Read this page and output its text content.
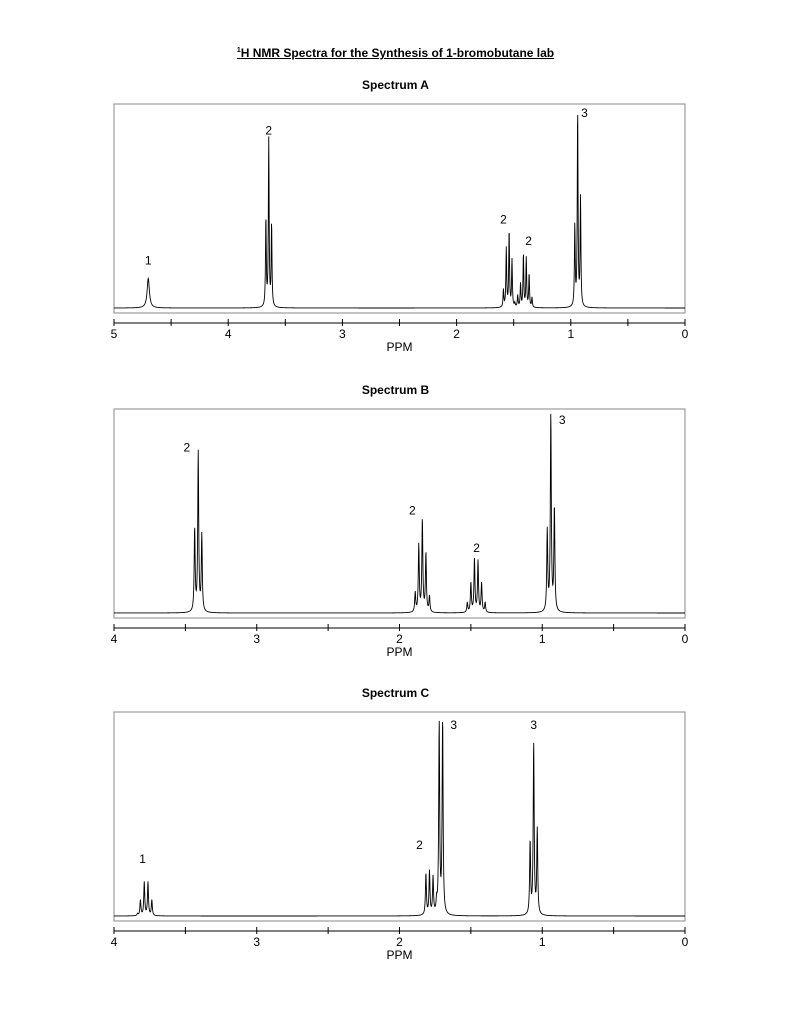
$^1$H NMR Spectra for the Synthesis of 1-bromobutane lab
Spectrum A
5	4	3	2	1	0
PPM
1
2
2
2
3
Spectrum B
4	3	2	1	0
PPM
2
2
2
3
Spectrum C
4	3	2	1	0
PPM
1
2
3	3
